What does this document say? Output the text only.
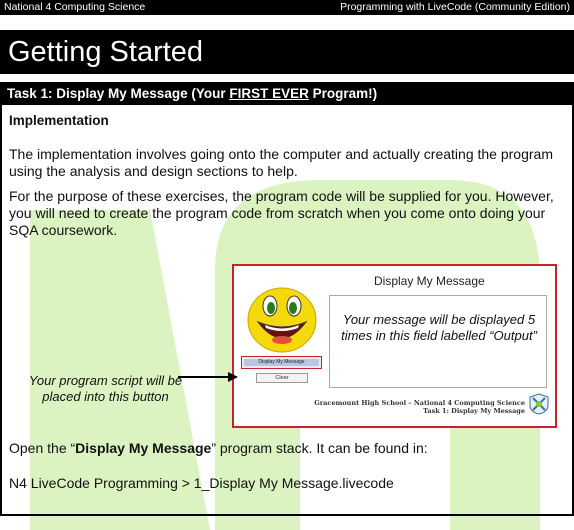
National 4 Computing Science	Programming with LiveCode (Community Edition)
Getting Started
Task 1: Display My Message (Your FIRST EVER Program!)
Implementation

The implementation involves going onto the computer and actually creating the program using the analysis and design sections to help.

For the purpose of these exercises, the program code will be supplied for you. However, you will need to create the program code from scratch when you come onto doing your SQA coursework.

Display My Message
Your message will be displayed 5 times in this field labelled “Output”
Display My Message
Clear
Gracemount High School – National 4 Computing Science
Task 1: Display My Message
Your program script will be placed into this button

Open the “Display My Message” program stack. It can be found in:

N4 LiveCode Programming > 1_Display My Message.livecode
